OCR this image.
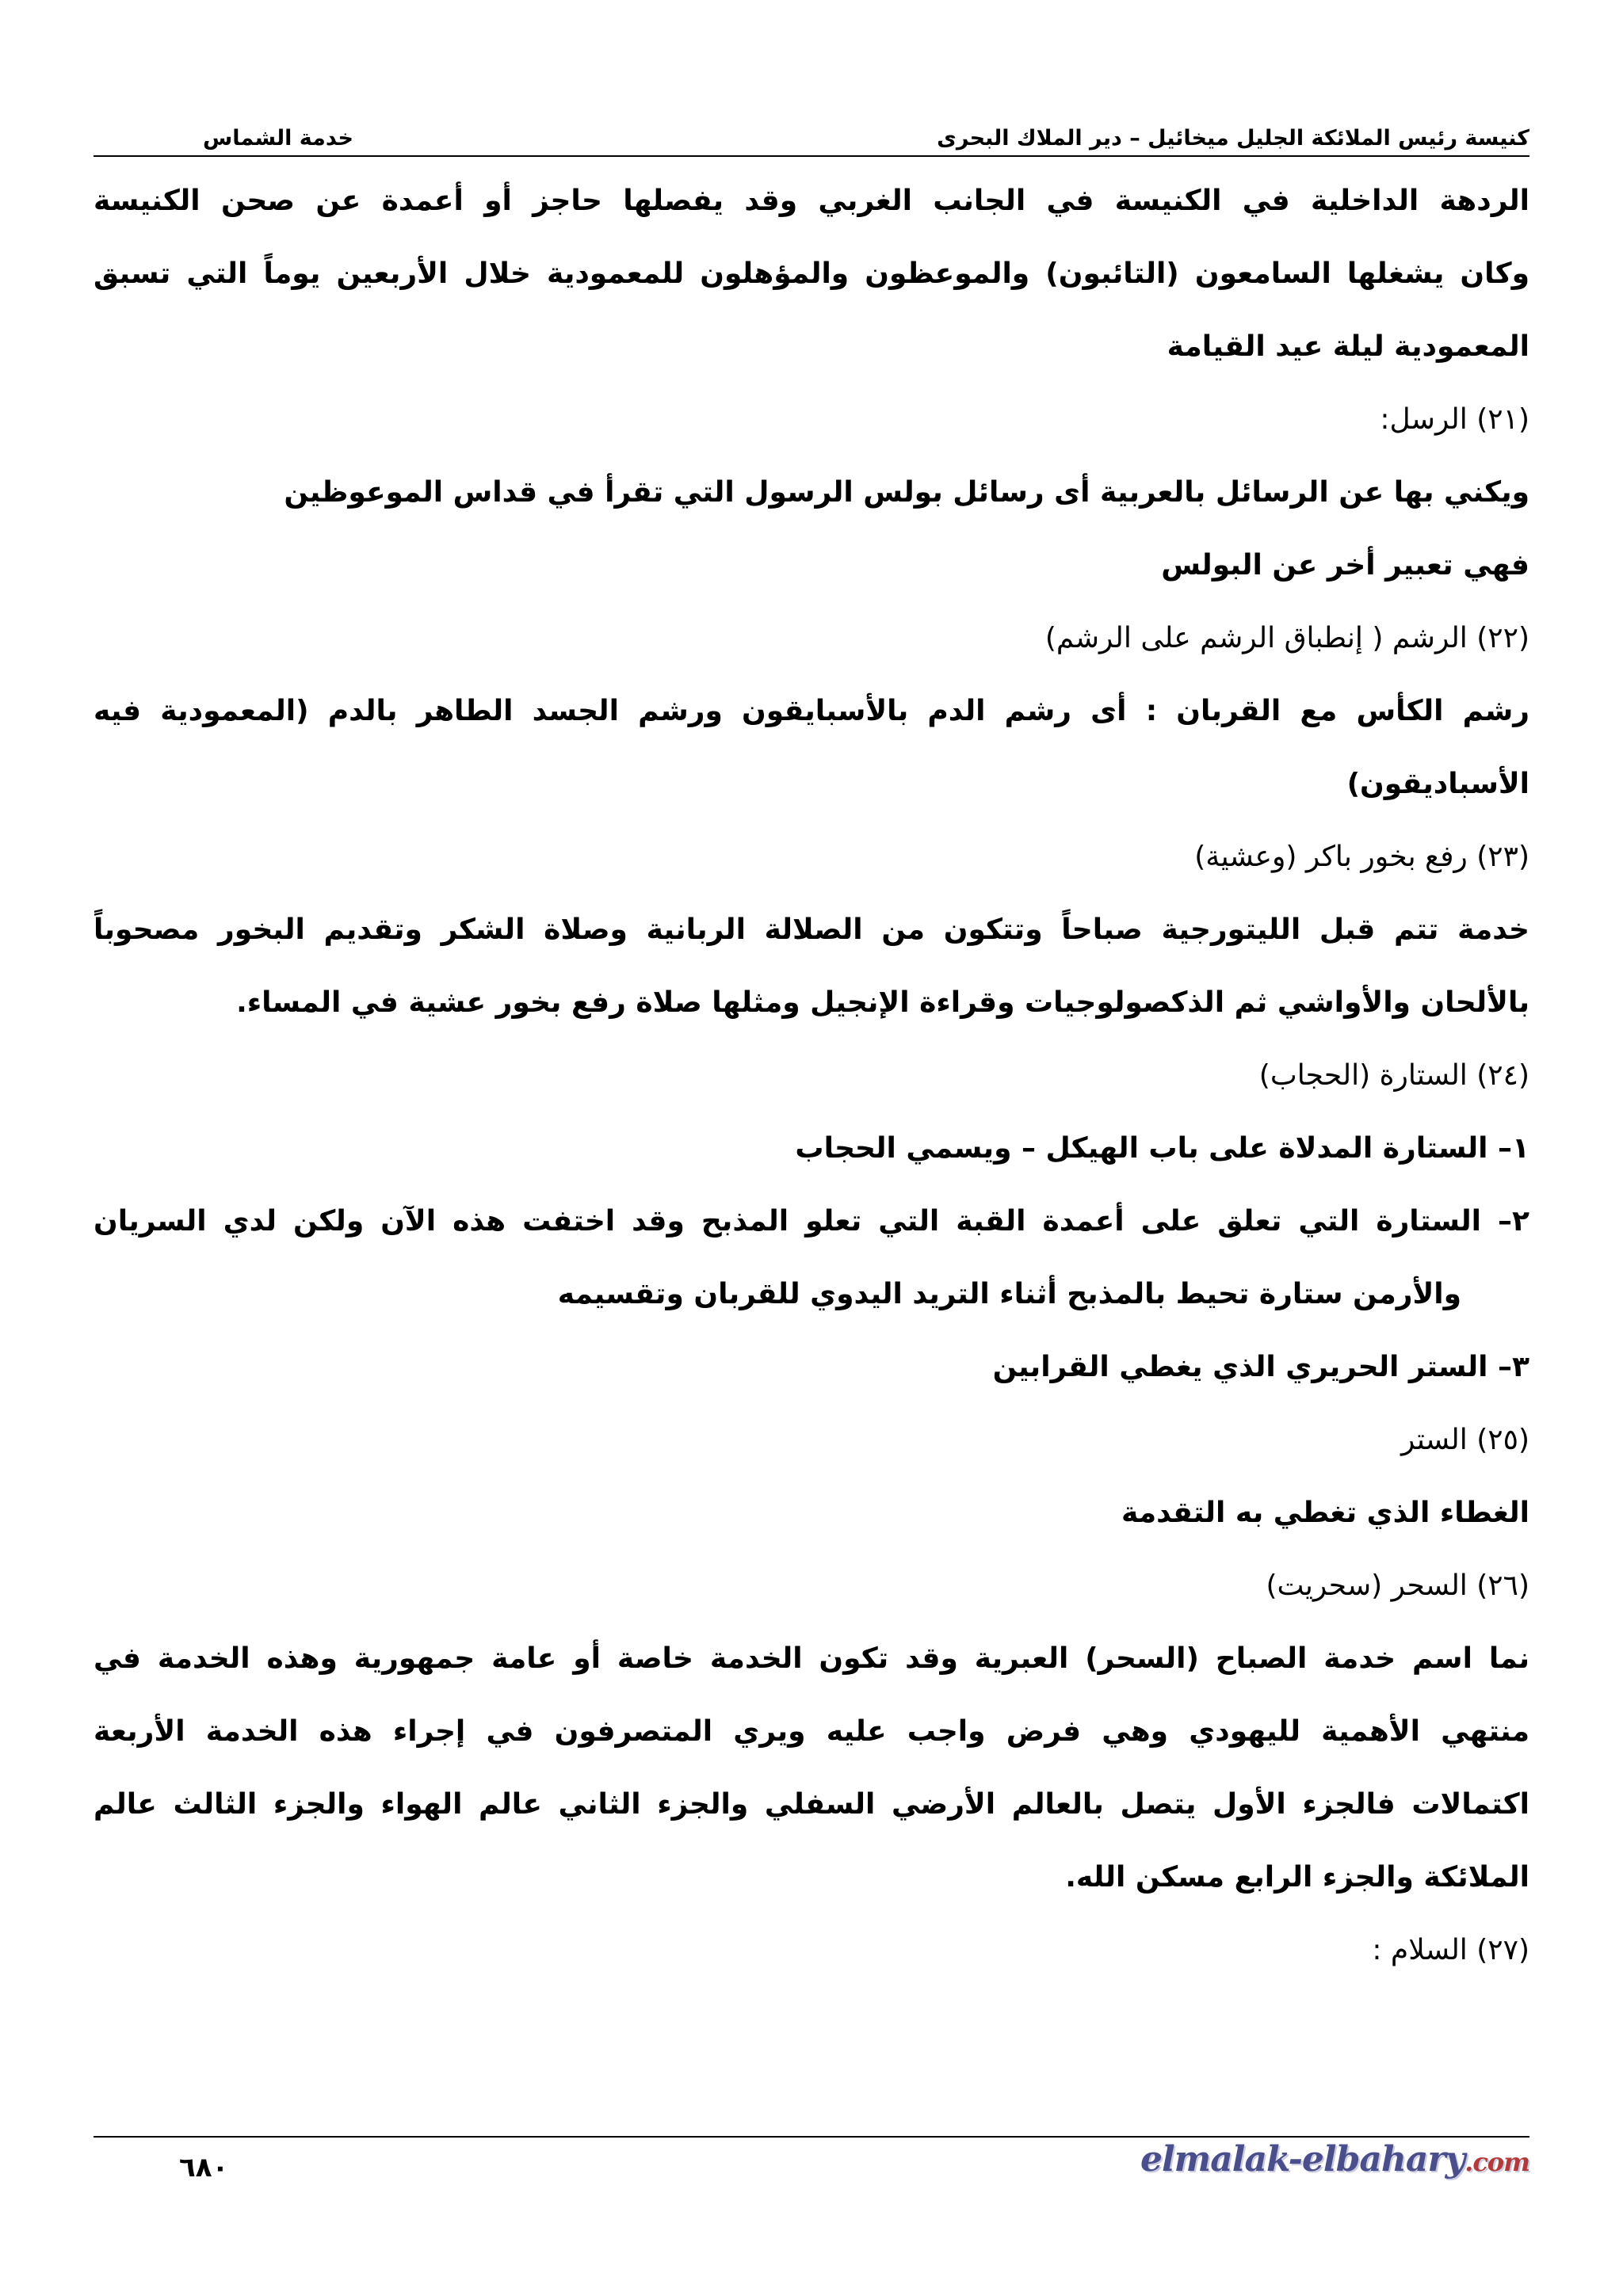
كنيسة رئيس الملائكة الجليل ميخائيل – دير الملاك البحرى
خدمة الشماس
الردهة الداخلية في الكنيسة في الجانب الغربي وقد يفصلها حاجز أو أعمدة عن صحن الكنيسة
وكان يشغلها السامعون (التائبون) والموعظون والمؤهلون للمعمودية خلال الأربعين يوماً التي تسبق
المعمودية ليلة عيد القيامة
(٢١) الرسل:
ويكني بها عن الرسائل بالعربية أى رسائل بولس الرسول التي تقرأ في قداس الموعوظين
فهي تعبير أخر عن البولس
(٢٢) الرشم ( إنطباق الرشم على الرشم)
رشم الكأس مع القربان : أى رشم الدم بالأسبايقون ورشم الجسد الطاهر بالدم (المعمودية فيه
الأسباديقون)
(٢٣) رفع بخور باكر (وعشية)
خدمة تتم قبل الليتورجية صباحاً وتتكون من الصلالة الربانية وصلاة الشكر وتقديم البخور مصحوباً
بالألحان والأواشي ثم الذكصولوجيات وقراءة الإنجيل ومثلها صلاة رفع بخور عشية في المساء.
(٢٤) الستارة (الحجاب)
١– الستارة المدلاة على باب الهيكل – ويسمي الحجاب
٢– الستارة التي تعلق على أعمدة القبة التي تعلو المذبح وقد اختفت هذه الآن ولكن لدي السريان
والأرمن ستارة تحيط بالمذبح أثناء التريد اليدوي للقربان وتقسيمه
٣– الستر الحريري الذي يغطي القرابين
(٢٥) الستر
الغطاء الذي تغطي به التقدمة
(٢٦) السحر (سحريت)
نما اسم خدمة الصباح (السحر) العبرية وقد تكون الخدمة خاصة أو عامة جمهورية وهذه الخدمة في
منتهي الأهمية لليهودي وهي فرض واجب عليه ويري المتصرفون في إجراء هذه الخدمة الأربعة
اكتمالات فالجزء الأول يتصل بالعالم الأرضي السفلي والجزء الثاني عالم الهواء والجزء الثالث عالم
الملائكة والجزء الرابع مسكن الله.
(٢٧) السلام :
٦٨٠	elmalak-elbahary.com
